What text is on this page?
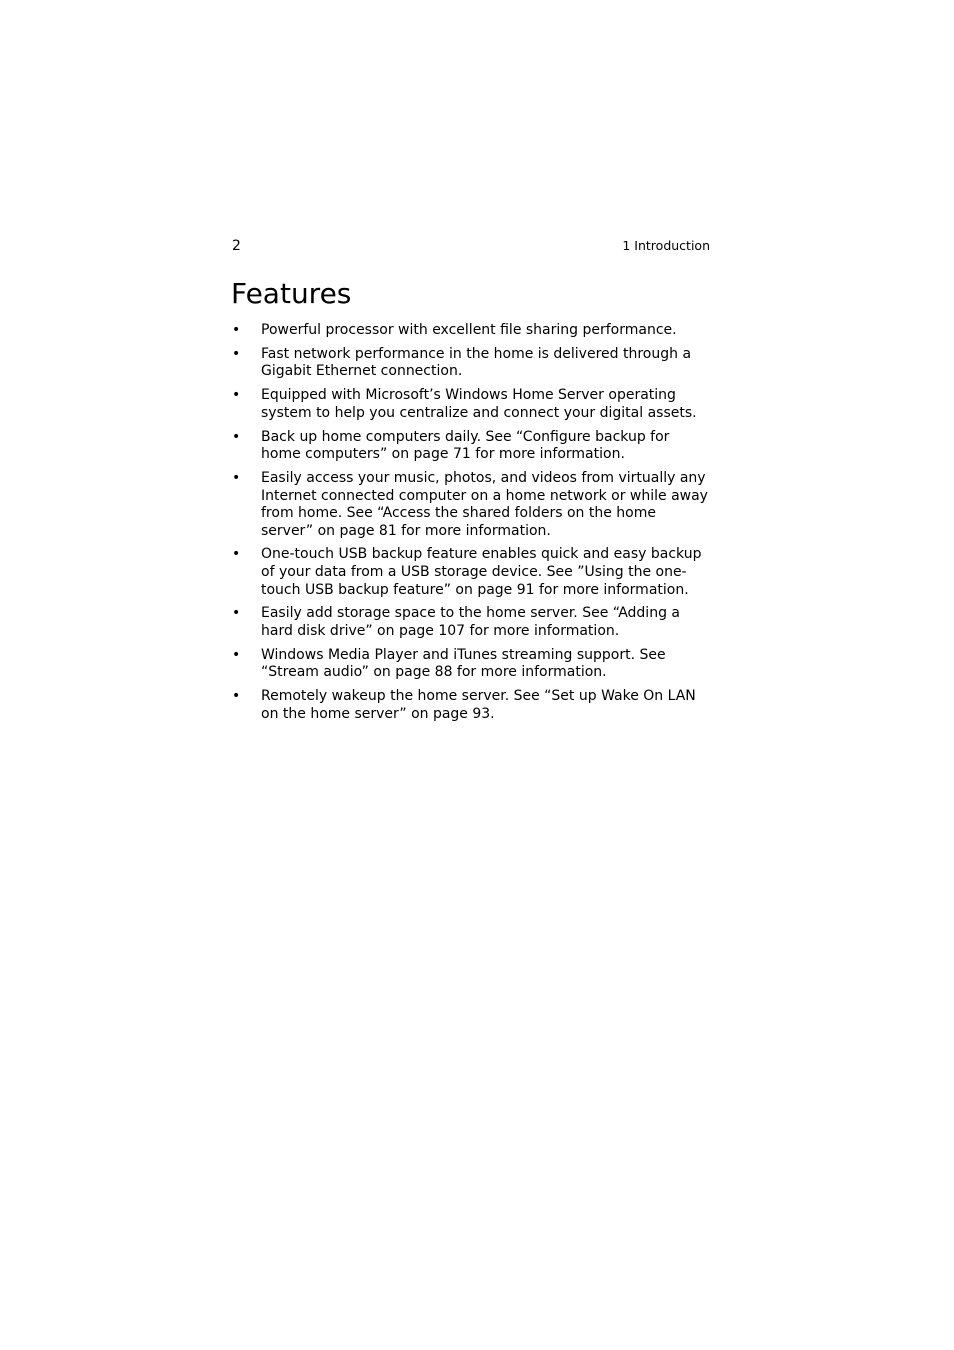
2	1 Introduction
Features
• Powerful processor with excellent file sharing performance.
• Fast network performance in the home is delivered through a Gigabit Ethernet connection.
• Equipped with Microsoft’s Windows Home Server operating system to help you centralize and connect your digital assets.
• Back up home computers daily. See “Configure backup for home computers” on page 71 for more information.
• Easily access your music, photos, and videos from virtually any Internet connected computer on a home network or while away from home. See “Access the shared folders on the home server” on page 81 for more information.
• One-touch USB backup feature enables quick and easy backup of your data from a USB storage device. See ”Using the one-touch USB backup feature” on page 91 for more information.
• Easily add storage space to the home server. See “Adding a hard disk drive” on page 107 for more information.
• Windows Media Player and iTunes streaming support. See “Stream audio” on page 88 for more information.
• Remotely wakeup the home server. See “Set up Wake On LAN on the home server” on page 93.
